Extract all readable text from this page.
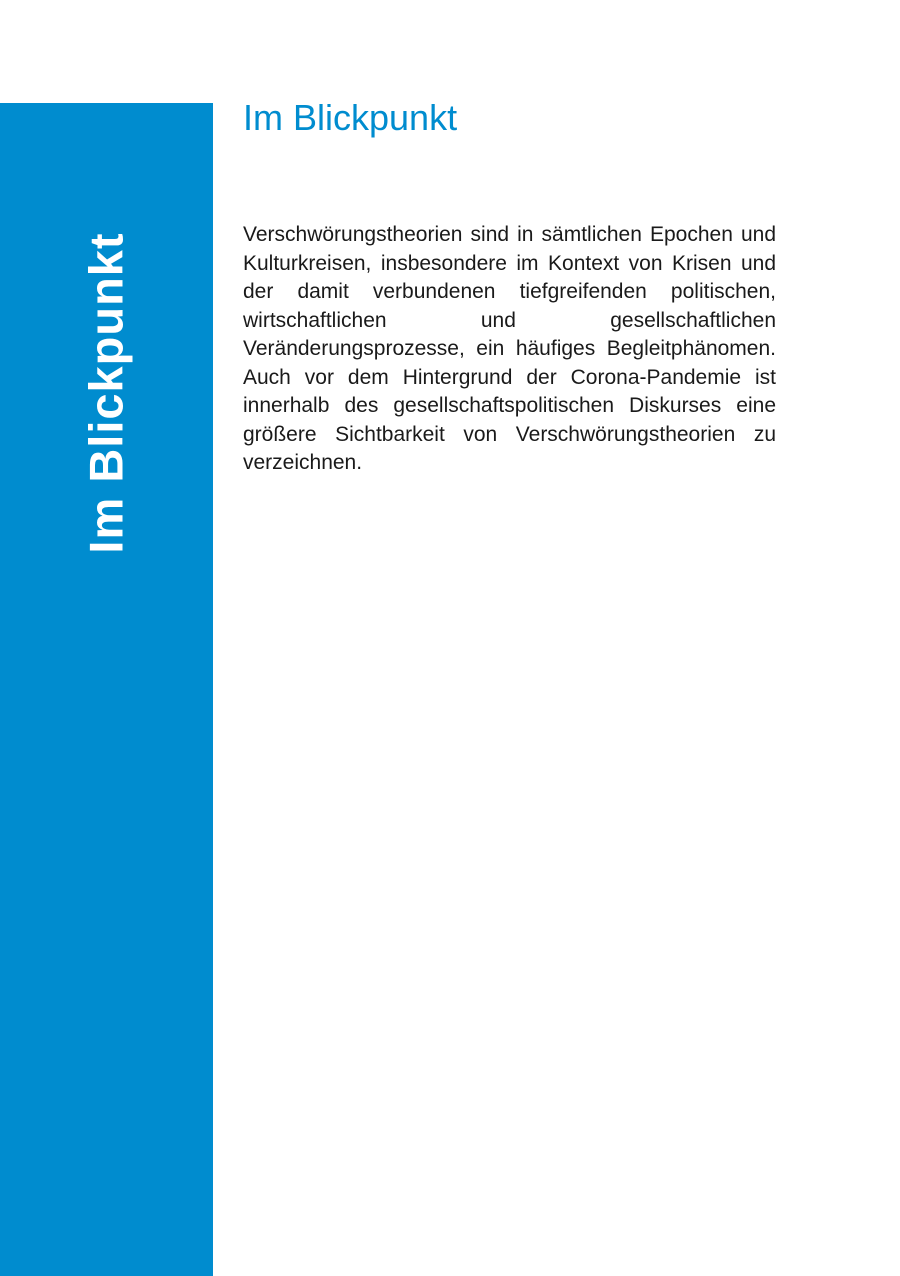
Im Blickpunkt
Im Blickpunkt

Verschwörungstheorien sind in sämtlichen Epochen und Kulturkreisen, insbesondere im Kontext von Krisen und der damit verbundenen tiefgreifenden politischen, wirtschaftlichen und gesellschaftlichen Veränderungsprozesse, ein häufiges Begleitphänomen. Auch vor dem Hintergrund der Corona-Pandemie ist innerhalb des gesellschaftspolitischen Diskurses eine größere Sichtbarkeit von Verschwörungstheorien zu verzeichnen.
